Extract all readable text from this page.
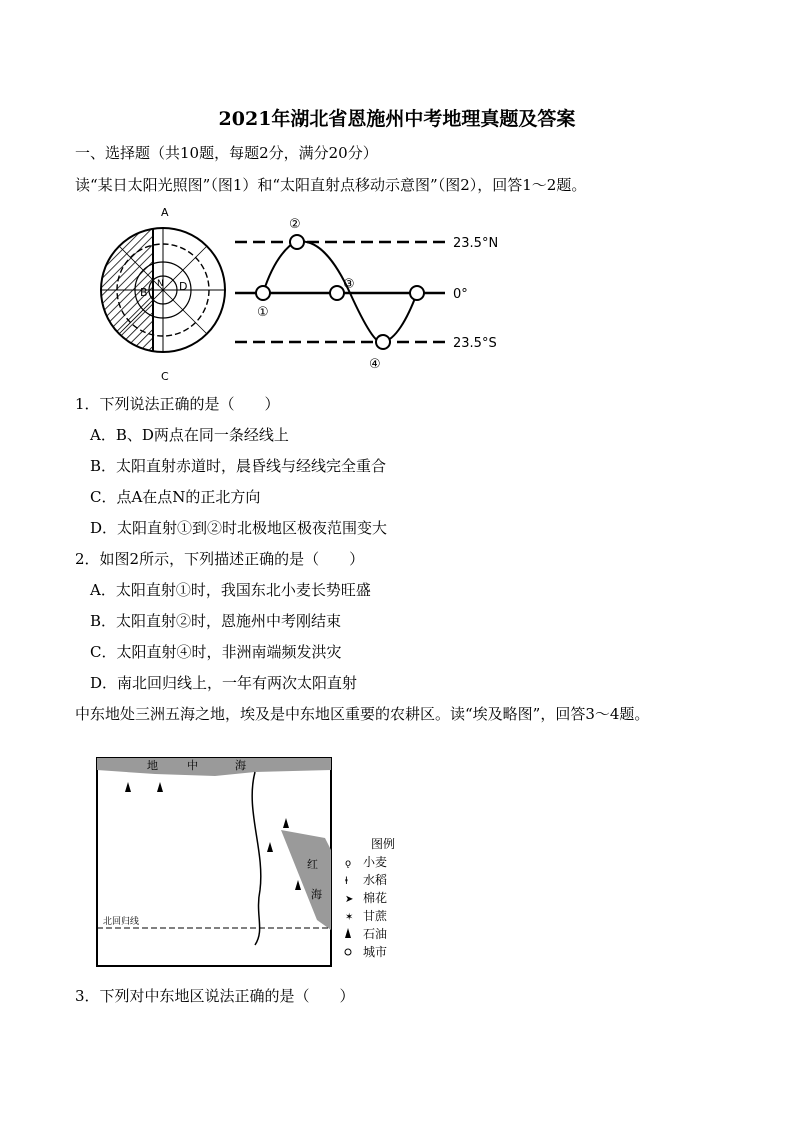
2021年湖北省恩施州中考地理真题及答案
一、选择题（共10题，每题2分，满分20分）
读“某日太阳光照图”（图1）和“太阳直射点移动示意图”（图2），回答1～2题。
A
B
C
D
N
①
②
③
④
23.5°N
0°
23.5°S
1．下列说法正确的是（　　）
A．B、D两点在同一条经线上
B．太阳直射赤道时，晨昏线与经线完全重合
C．点A在点N的正北方向
D．太阳直射①到②时北极地区极夜范围变大
2．如图2所示，下列描述正确的是（　　）
A．太阳直射①时，我国东北小麦长势旺盛
B．太阳直射②时，恩施州中考刚结束
C．太阳直射④时，非洲南端频发洪灾
D．南北回归线上，一年有两次太阳直射
中东地处三洲五海之地，埃及是中东地区重要的农耕区。读“埃及略图”，回答3～4题。
北回归线
地	中	海
红
海
图例
ǫ 小麦
ⱡ 水稻
➤ 棉花
✶ 甘蔗
石油
城市
3．下列对中东地区说法正确的是（　　）
